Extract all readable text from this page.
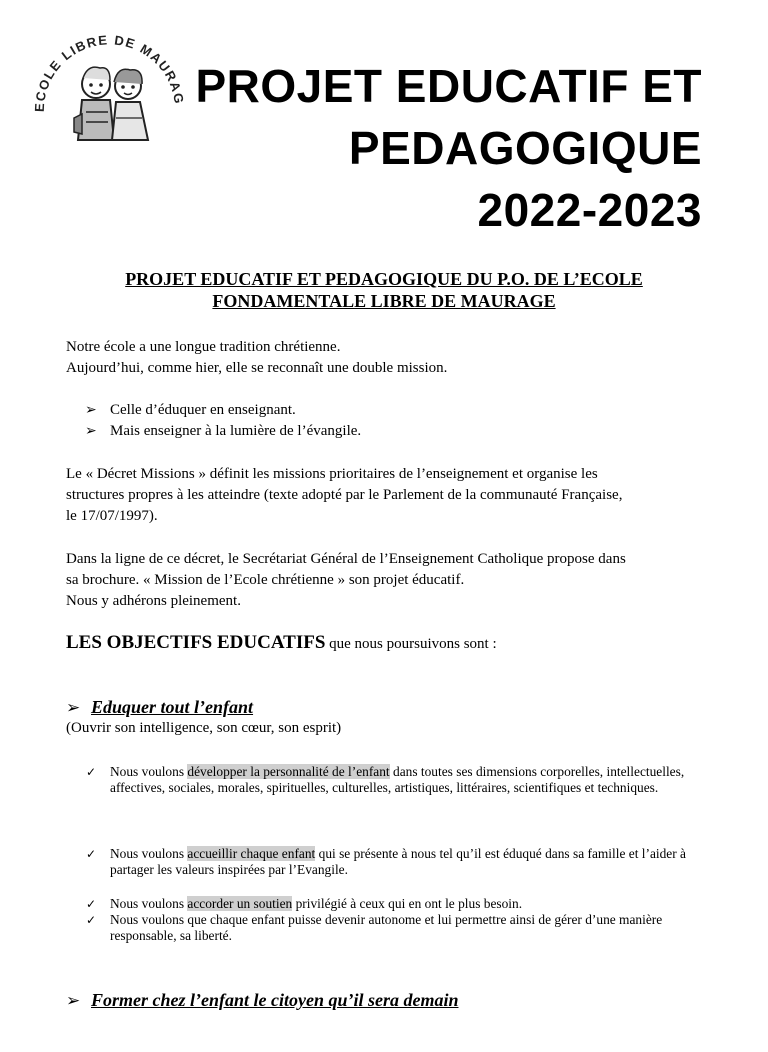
ECOLE LIBRE DE MAURA PROJET EDUCATIF ET
PEDAGOGIQUE
2022-2023
PROJET EDUCATIF ET PEDAGOGIQUE DU P.O. DE L’ECOLE
FONDAMENTALE LIBRE DE MAURAGE
Notre école a une longue tradition chrétienne.
Aujourd’hui, comme hier, elle se reconnaît une double mission.
➢ Celle d’éduquer en enseignant.
➢ Mais enseigner à la lumière de l’évangile.
Le « Décret Missions » définit les missions prioritaires de l’enseignement et organise les
structures propres à les atteindre (texte adopté par le Parlement de la communauté Française,
le 17/07/1997).
Dans la ligne de ce décret, le Secrétariat Général de l’Enseignement Catholique propose dans
sa brochure. « Mission de l’Ecole chrétienne » son projet éducatif.
Nous y adhérons pleinement.
LES OBJECTIFS EDUCATIFS que nous poursuivons sont :
➢ Eduquer tout l’enfant
(Ouvrir son intelligence, son cœur, son esprit)
✓	Nous voulons développer la personnalité de l’enfant dans toutes ses dimensions corporelles, intellectuelles, affectives, sociales, morales, spirituelles, culturelles, artistiques, littéraires, scientifiques et techniques.
✓	Nous voulons accueillir chaque enfant qui se présente à nous tel qu’il est éduqué dans sa famille et l’aider à partager les valeurs inspirées par l’Evangile.
✓	Nous voulons accorder un soutien privilégié à ceux qui en ont le plus besoin.
✓	Nous voulons que chaque enfant puisse devenir autonome et lui permettre ainsi de gérer d’une manière responsable, sa liberté.
➢ Former chez l’enfant le citoyen qu’il sera demain
